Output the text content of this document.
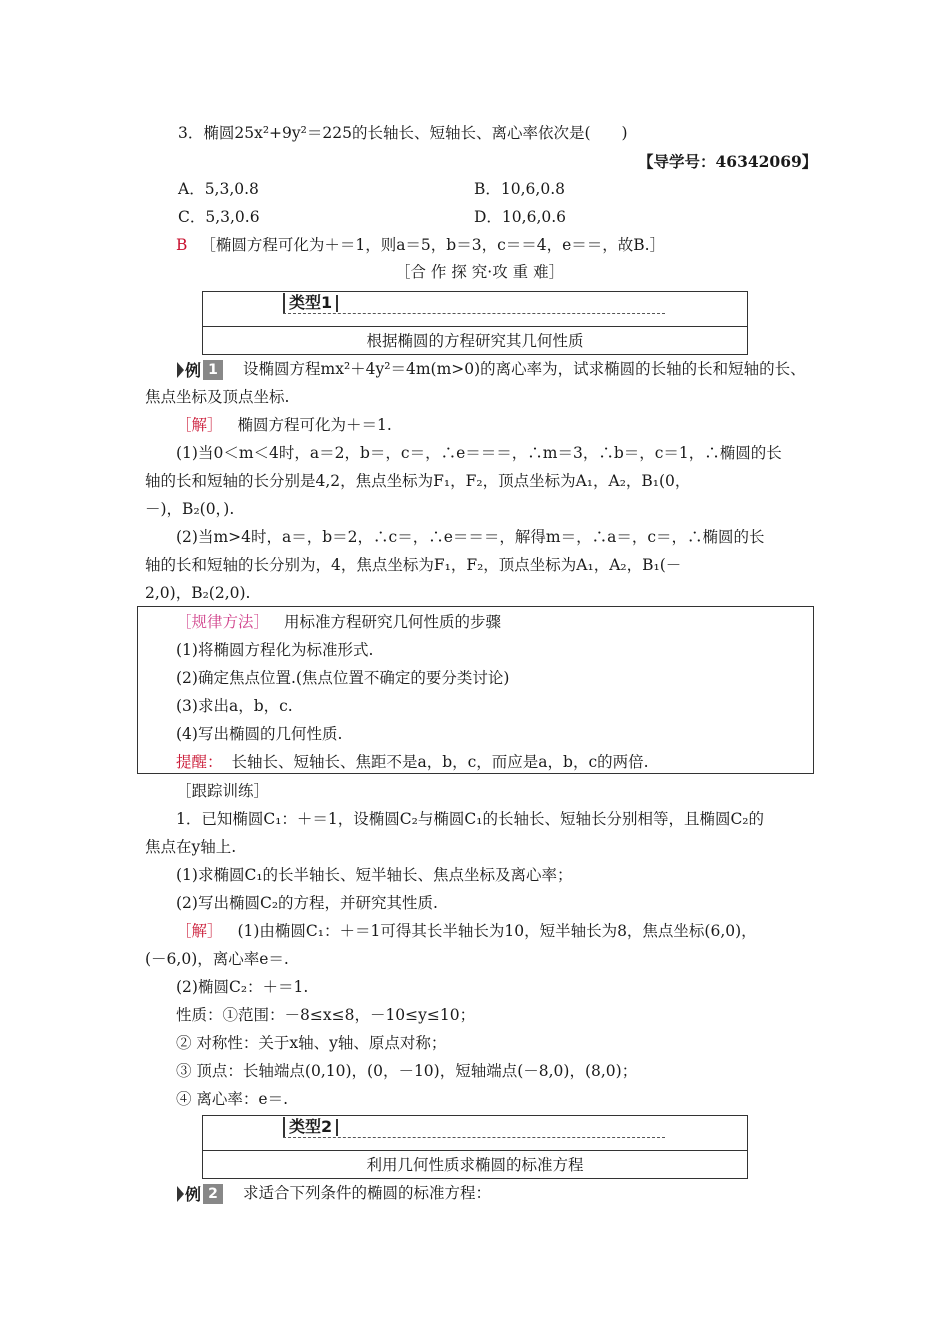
3．椭圆25x²+9y²＝225的长轴长、短轴长、离心率依次是(　　)
【导学号：46342069】
A．5,3,0.8	B．10,6,0.8
C．5,3,0.6	D．10,6,0.6
B ［椭圆方程可化为＋＝1，则a＝5，b＝3，c＝＝4，e＝＝，故B.］
［合 作 探 究·攻 重 难］
类型1
根据椭圆的方程研究其几何性质
例 1	设椭圆方程mx²＋4y²＝4m(m>0)的离心率为，试求椭圆的长轴的长和短轴的长、
焦点坐标及顶点坐标.
［解］ 椭圆方程可化为＋＝1.
(1)当0＜m＜4时，a＝2，b＝，c＝，∴e＝＝＝，∴m＝3，∴b＝，c＝1，∴椭圆的长
轴的长和短轴的长分别是4,2，焦点坐标为F₁，F₂，顶点坐标为A₁，A₂，B₁(0，
－)，B₂(0，).
(2)当m>4时，a＝，b＝2，∴c＝，∴e＝＝＝，解得m＝，∴a＝，c＝，∴椭圆的长
轴的长和短轴的长分别为，4，焦点坐标为F₁，F₂，顶点坐标为A₁，A₂，B₁(－
2,0)，B₂(2,0).
［规律方法］ 用标准方程研究几何性质的步骤
(1)将椭圆方程化为标准形式.
(2)确定焦点位置.(焦点位置不确定的要分类讨论)
(3)求出a，b，c.
(4)写出椭圆的几何性质.
提醒： 长轴长、短轴长、焦距不是a，b，c，而应是a，b，c的两倍.
［跟踪训练］
1．已知椭圆C₁：＋＝1，设椭圆C₂与椭圆C₁的长轴长、短轴长分别相等，且椭圆C₂的
焦点在y轴上.
(1)求椭圆C₁的长半轴长、短半轴长、焦点坐标及离心率；
(2)写出椭圆C₂的方程，并研究其性质.
［解］ (1)由椭圆C₁：＋＝1可得其长半轴长为10，短半轴长为8，焦点坐标(6,0)，
(－6,0)，离心率e＝.
(2)椭圆C₂：＋＝1.
性质：①范围：－8≤x≤8，－10≤y≤10；
② 对称性：关于x轴、y轴、原点对称；
③ 顶点：长轴端点(0,10)，(0，－10)，短轴端点(－8,0)，(8,0)；
④ 离心率：e＝.
类型2
利用几何性质求椭圆的标准方程
例 2	求适合下列条件的椭圆的标准方程：
